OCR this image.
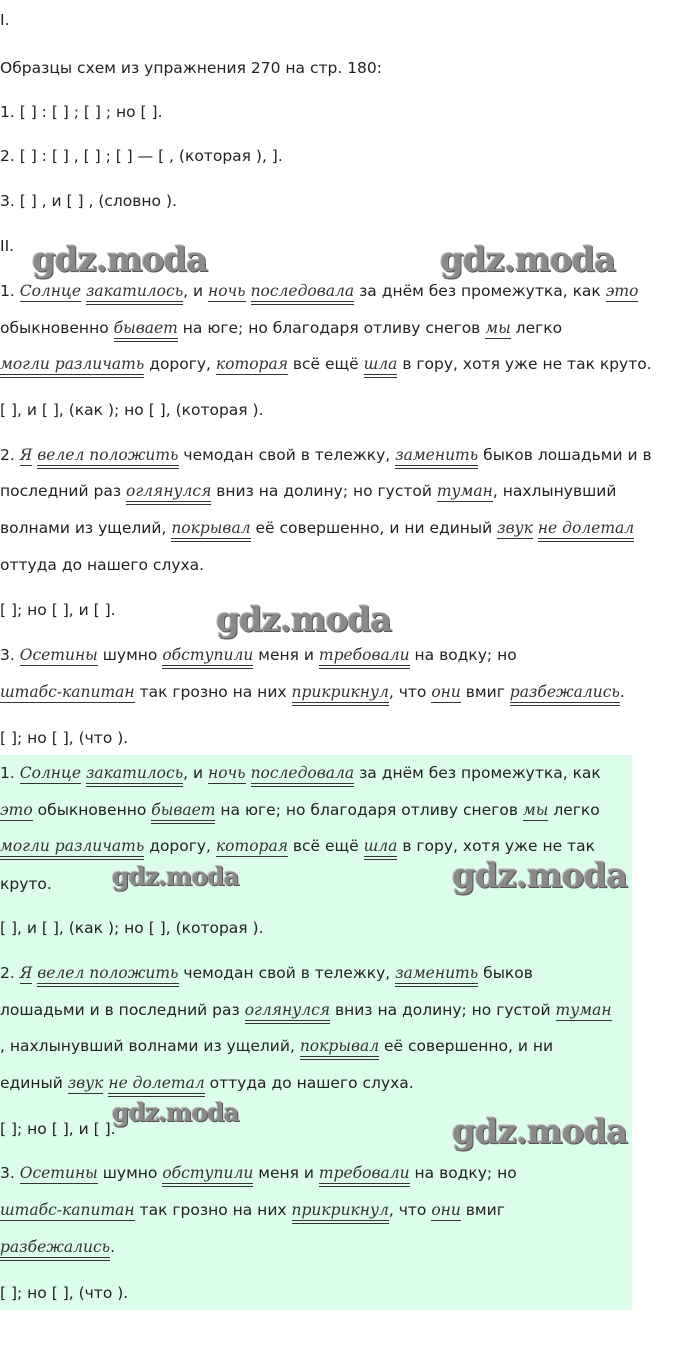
I.
Образцы схем из упражнения 270 на стр. 180:
1. [ ] : [ ] ; [ ] ; но [ ].
2. [ ] : [ ] , [ ] ; [ ] — [ , (которая ), ].
3. [ ] , и [ ] , (словно ).
II.
1. Солнце закатилось, и ночь последовала за днём без промежутка, как это
обыкновенно бывает на юге; но благодаря отливу снегов мы легко
могли различать дорогу, которая всё ещё шла в гору, хотя уже не так круто.
[ ], и [ ], (как ); но [ ], (которая ).
2. Я велел положить чемодан свой в тележку, заменить быков лошадьми и в
последний раз оглянулся вниз на долину; но густой туман, нахлынувший
волнами из ущелий, покрывал её совершенно, и ни единый звук не долетал
оттуда до нашего слуха.
[ ]; но [ ], и [ ].
3. Осетины шумно обступили меня и требовали на водку; но
штабс-капитан так грозно на них прикрикнул, что они вмиг разбежались.
[ ]; но [ ], (что ).
1. Солнце закатилось, и ночь последовала за днём без промежутка, как
это обыкновенно бывает на юге; но благодаря отливу снегов мы легко
могли различать дорогу, которая всё ещё шла в гору, хотя уже не так
круто.
[ ], и [ ], (как ); но [ ], (которая ).
2. Я велел положить чемодан свой в тележку, заменить быков
лошадьми и в последний раз оглянулся вниз на долину; но густой туман
, нахлынувший волнами из ущелий, покрывал её совершенно, и ни
единый звук не долетал оттуда до нашего слуха.
[ ]; но [ ], и [ ].
3. Осетины шумно обступили меня и требовали на водку; но
штабс-капитан так грозно на них прикрикнул, что они вмиг
разбежались.
[ ]; но [ ], (что ).
gdz.moda	gdz.moda
gdz.moda
gdz.moda	gdz.moda
gdz.moda	gdz.moda
